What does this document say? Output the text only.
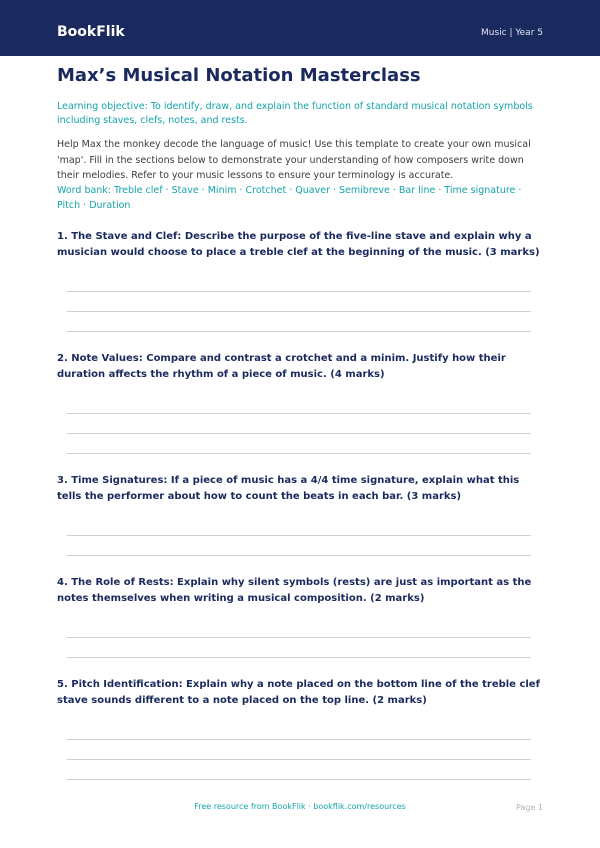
BookFlik	Music | Year 5
Max’s Musical Notation Masterclass

Learning objective: To identify, draw, and explain the function of standard musical notation symbols including staves, clefs, notes, and rests.

Help Max the monkey decode the language of music! Use this template to create your own musical 'map'. Fill in the sections below to demonstrate your understanding of how composers write down their melodies. Refer to your music lessons to ensure your terminology is accurate.

Word bank: Treble clef · Stave · Minim · Crotchet · Quaver · Semibreve · Bar line · Time signature · Pitch · Duration

1. The Stave and Clef: Describe the purpose of the five-line stave and explain why a musician would choose to place a treble clef at the beginning of the music. (3 marks)

2. Note Values: Compare and contrast a crotchet and a minim. Justify how their duration affects the rhythm of a piece of music. (4 marks)

3. Time Signatures: If a piece of music has a 4/4 time signature, explain what this tells the performer about how to count the beats in each bar. (3 marks)

4. The Role of Rests: Explain why silent symbols (rests) are just as important as the notes themselves when writing a musical composition. (2 marks)

5. Pitch Identification: Explain why a note placed on the bottom line of the treble clef stave sounds different to a note placed on the top line. (2 marks)

Free resource from BookFlik · bookflik.com/resources	Page 1
